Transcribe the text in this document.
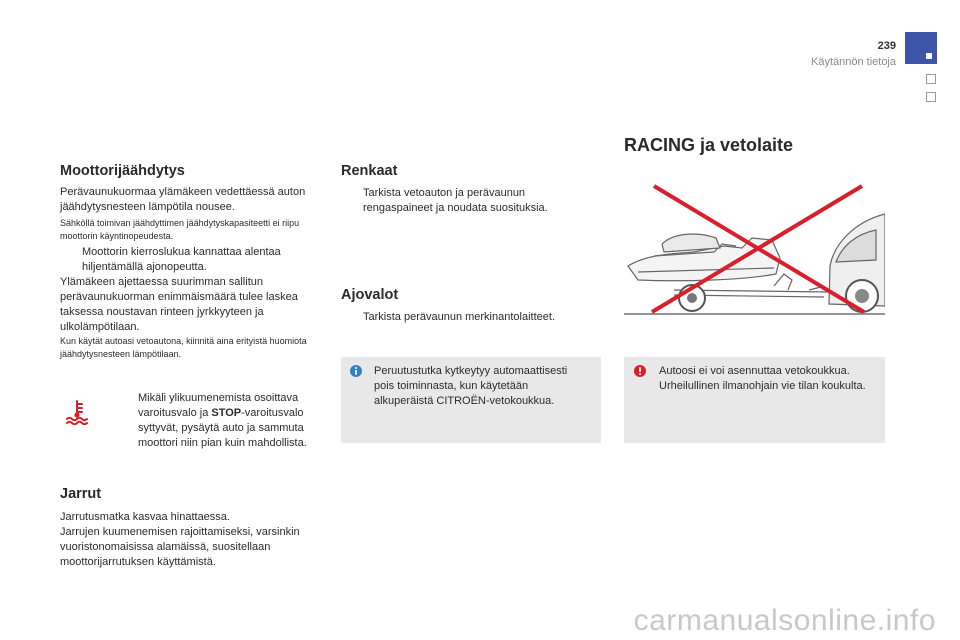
239
Käytännön tietoja
Moottorijäähdytys

Perävaunukuormaa ylämäkeen vedettäessä auton jäähdytysnesteen lämpötila nousee.

Sähköllä toimivan jäähdyttimen jäähdytyskapasiteetti ei riipu moottorin käyntinopeudesta.

Moottorin kierroslukua kannattaa alentaa hiljentämällä ajonopeutta.

Ylämäkeen ajettaessa suurimman sallitun perävaunukuorman enimmäismäärä tulee laskea taksessa noustavan rinteen jyrkkyyteen ja ulkolämpötilaan.

Kun käytät autoasi vetoautona, kiinnitä aina erityistä huomiota jäähdytysnesteen lämpötilaan.

Mikäli ylikuumenemista osoittava varoitusvalo ja STOP-varoitusvalo syttyvät, pysäytä auto ja sammuta moottori niin pian kuin mahdollista.

Jarrut

Jarrutusmatka kasvaa hinattaessa.

Jarrujen kuumenemisen rajoittamiseksi, varsinkin vuoristonomaisissa alamäissä, suositellaan moottorijarrutuksen käyttämistä.

Renkaat

Tarkista vetoauton ja perävaunun rengaspaineet ja noudata suosituksia.

Ajovalot

Tarkista perävaunun merkinantolaitteet.

Peruutustutka kytkeytyy automaattisesti pois toiminnasta, kun käytetään alkuperäistä CITROËN-vetokoukkua.

RACING ja vetolaite

Autoosi ei voi asennuttaa vetokoukkua. Urheilullinen ilmanohjain vie tilan koukulta.

carmanualsonline.info
